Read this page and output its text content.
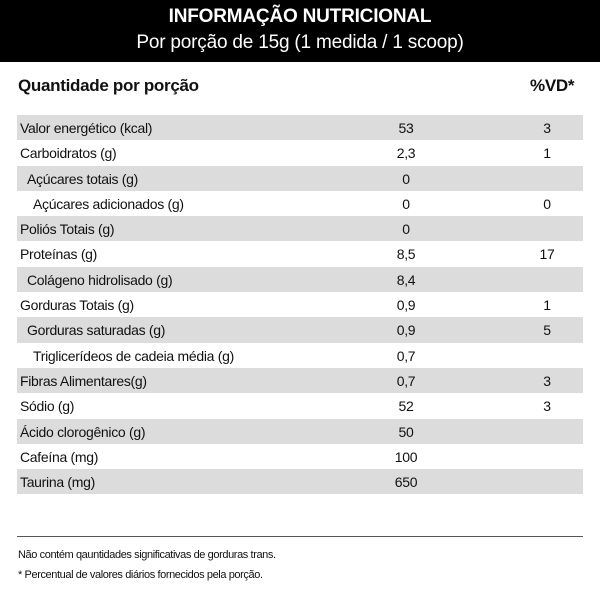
INFORMAÇÃO NUTRICIONAL
Por porção de 15g (1 medida / 1 scoop)
Quantidade por porção	%VD*
Valor energético (kcal)	53	3
Carboidratos (g)	2,3	1
Açúcares totais (g)	0
Açúcares adicionados (g)	0	0
Poliós Totais (g)	0
Proteínas (g)	8,5	17
Colágeno hidrolisado (g)	8,4
Gorduras Totais (g)	0,9	1
Gorduras saturadas (g)	0,9	5
Triglicerídeos de cadeia média (g)	0,7
Fibras Alimentares(g)	0,7	3
Sódio (g)	52	3
Ácido clorogênico (g)	50
Cafeína (mg)	100
Taurina (mg)	650
Não contém qauntidades significativas de gorduras trans.
* Percentual de valores diários fornecidos pela porção.
